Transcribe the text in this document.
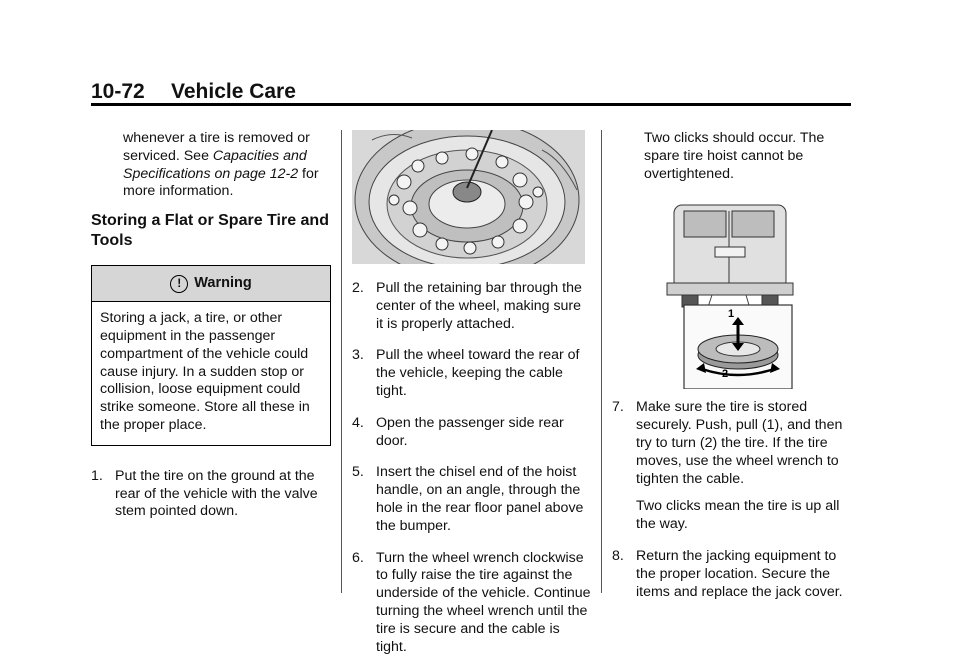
10-72 Vehicle Care
whenever a tire is removed or serviced. See Capacities and Specifications on page 12-2 for more information.
Storing a Flat or Spare Tire and Tools
! Warning
Storing a jack, a tire, or other equipment in the passenger compartment of the vehicle could cause injury. In a sudden stop or collision, loose equipment could strike someone. Store all these in the proper place.
1. Put the tire on the ground at the rear of the vehicle with the valve stem pointed down.
2. Pull the retaining bar through the center of the wheel, making sure it is properly attached.
3. Pull the wheel toward the rear of the vehicle, keeping the cable tight.
4. Open the passenger side rear door.
5. Insert the chisel end of the hoist handle, on an angle, through the hole in the rear floor panel above the bumper.
6. Turn the wheel wrench clockwise to fully raise the tire against the underside of the vehicle. Continue turning the wheel wrench until the tire is secure and the cable is tight.
Two clicks should occur. The spare tire hoist cannot be overtightened.
1
2
7. Make sure the tire is stored securely. Push, pull (1), and then try to turn (2) the tire. If the tire moves, use the wheel wrench to tighten the cable.
Two clicks mean the tire is up all the way.
8. Return the jacking equipment to the proper location. Secure the items and replace the jack cover.
